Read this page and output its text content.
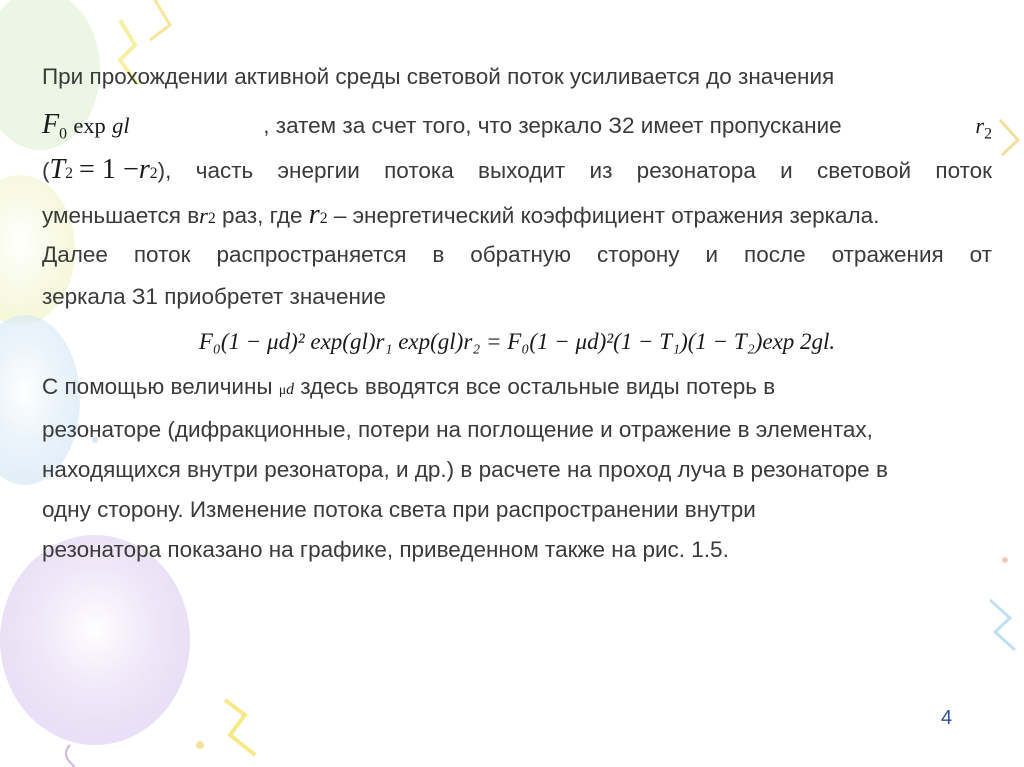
При прохождении активной среды световой поток усиливается до значения
$F_0$ exp gl	, затем за счет того, что зеркало З2 имеет пропускание	$r_2$
( T 2 = 1 − r 2 ), часть энергии потока выходит из резонатора и световой поток
уменьшается в r 2 раз, где r 2 – энергетический коэффициент отражения зеркала.
Далее поток распространяется в обратную сторону и после отражения от
зеркала З1 приобретет значение
F₀(1 − μd)² exp(gl)r₁ exp(gl)r₂ = F₀(1 − μd)²(1 − T₁)(1 − T₂)exp 2gl.
С помощью величины μ d здесь вводятся все остальные виды потерь в
резонаторе (дифракционные, потери на поглощение и отражение в элементах,
находящихся внутри резонатора, и др.) в расчете на проход луча в резонаторе в
одну сторону. Изменение потока света при распространении внутри
резонатора показано на графике, приведенном также на рис. 1.5.
4
